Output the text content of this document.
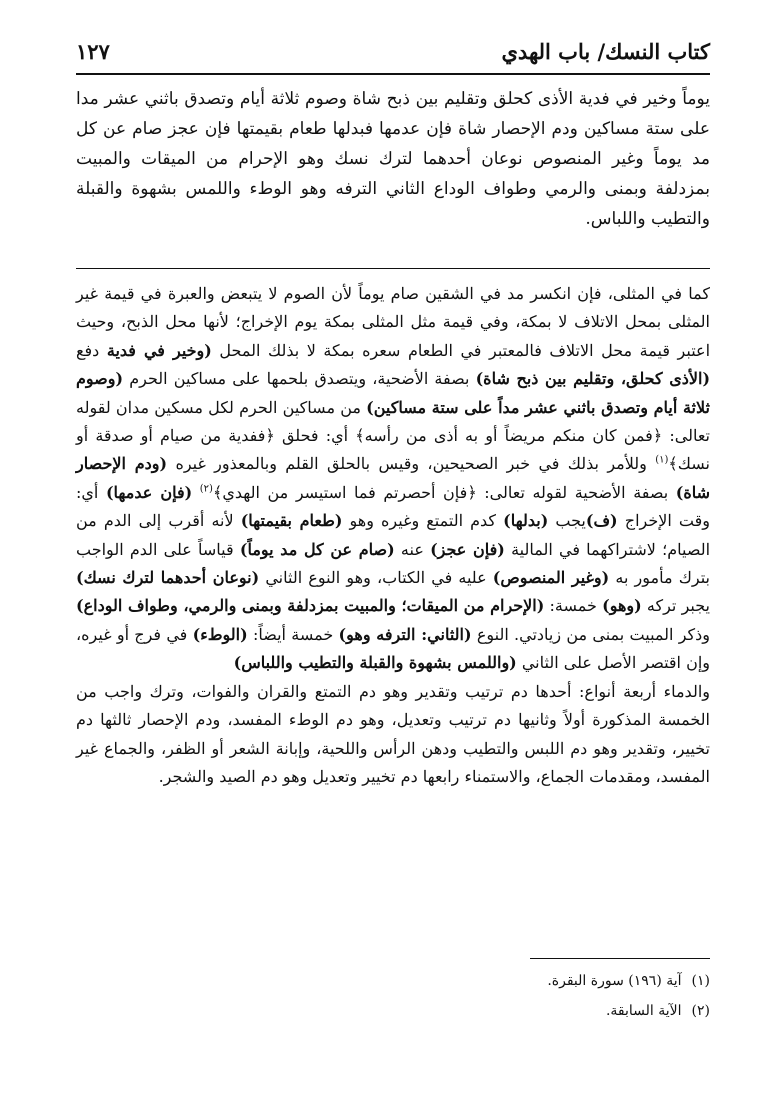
كتاب النسك/ باب الهدي
١٢٧

يوماً وخير في فدية الأذى كحلق وتقليم بين ذبح شاة وصوم ثلاثة أيام وتصدق باثني عشر مدا على ستة مساكين ودم الإحصار شاة فإن عدمها فبدلها طعام بقيمتها فإن عجز صام عن كل مد يوماً وغير المنصوص نوعان أحدهما لترك نسك وهو الإحرام من الميقات والمبيت بمزدلفة وبمنى والرمي وطواف الوداع الثاني الترفه وهو الوطء واللمس بشهوة والقبلة والتطيب واللباس.

كما في المثلى، فإن انكسر مد في الشقين صام يوماً لأن الصوم لا يتبعض والعبرة في قيمة غير المثلى بمحل الاتلاف لا بمكة، وفي قيمة مثل المثلى بمكة يوم الإخراج؛ لأنها محل الذبح، وحيث اعتبر قيمة محل الاتلاف فالمعتبر في الطعام سعره بمكة لا بذلك المحل (وخير في فدية دفع (الأذى كحلق، وتقليم بين ذبح شاة) بصفة الأضحية، ويتصدق بلحمها على مساكين الحرم (وصوم ثلاثة أيام وتصدق باثني عشر مداً على ستة مساكين) من مساكين الحرم لكل مسكين مدان لقوله تعالى: ﴿فمن كان منكم مريضاً أو به أذى من رأسه﴾ أي: فحلق ﴿ففدية من صيام أو صدقة أو نسك﴾$^{(١)}$ وللأمر بذلك في خبر الصحيحين، وقيس بالحلق القلم وبالمعذور غيره (ودم الإحصار شاة) بصفة الأضحية لقوله تعالى: ﴿فإن أحصرتم فما استيسر من الهدي﴾$^{(٢)}$ (فإن عدمها) أي: وقت الإخراج (ف)يجب (بدلها) كدم التمتع وغيره وهو (طعام بقيمتها) لأنه أقرب إلى الدم من الصيام؛ لاشتراكهما في المالية (فإن عجز) عنه (صام عن كل مد يوماً) قياساً على الدم الواجب بترك مأمور به (وغير المنصوص) عليه في الكتاب، وهو النوع الثاني (نوعان أحدهما لترك نسك) يجبر تركه (وهو) خمسة: (الإحرام من الميقات؛ والمبيت بمزدلفة وبمنى والرمي، وطواف الوداع) وذكر المبيت بمنى من زيادتي. النوع (الثاني: الترفه وهو) خمسة أيضاً: (الوطء) في فرج أو غيره، وإن اقتصر الأصل على الثاني (واللمس بشهوة والقبلة والتطيب واللباس)

والدماء أربعة أنواع: أحدها دم ترتيب وتقدير وهو دم التمتع والقران والفوات، وترك واجب من الخمسة المذكورة أولاً وثانيها دم ترتيب وتعديل، وهو دم الوطء المفسد، ودم الإحصار ثالثها دم تخيير، وتقدير وهو دم اللبس والتطيب ودهن الرأس واللحية، وإبانة الشعر أو الظفر، والجماع غير المفسد، ومقدمات الجماع، والاستمناء رابعها دم تخيير وتعديل وهو دم الصيد والشجر.

(١)
آية (١٩٦) سورة البقرة.
(٢)
الآية السابقة.
